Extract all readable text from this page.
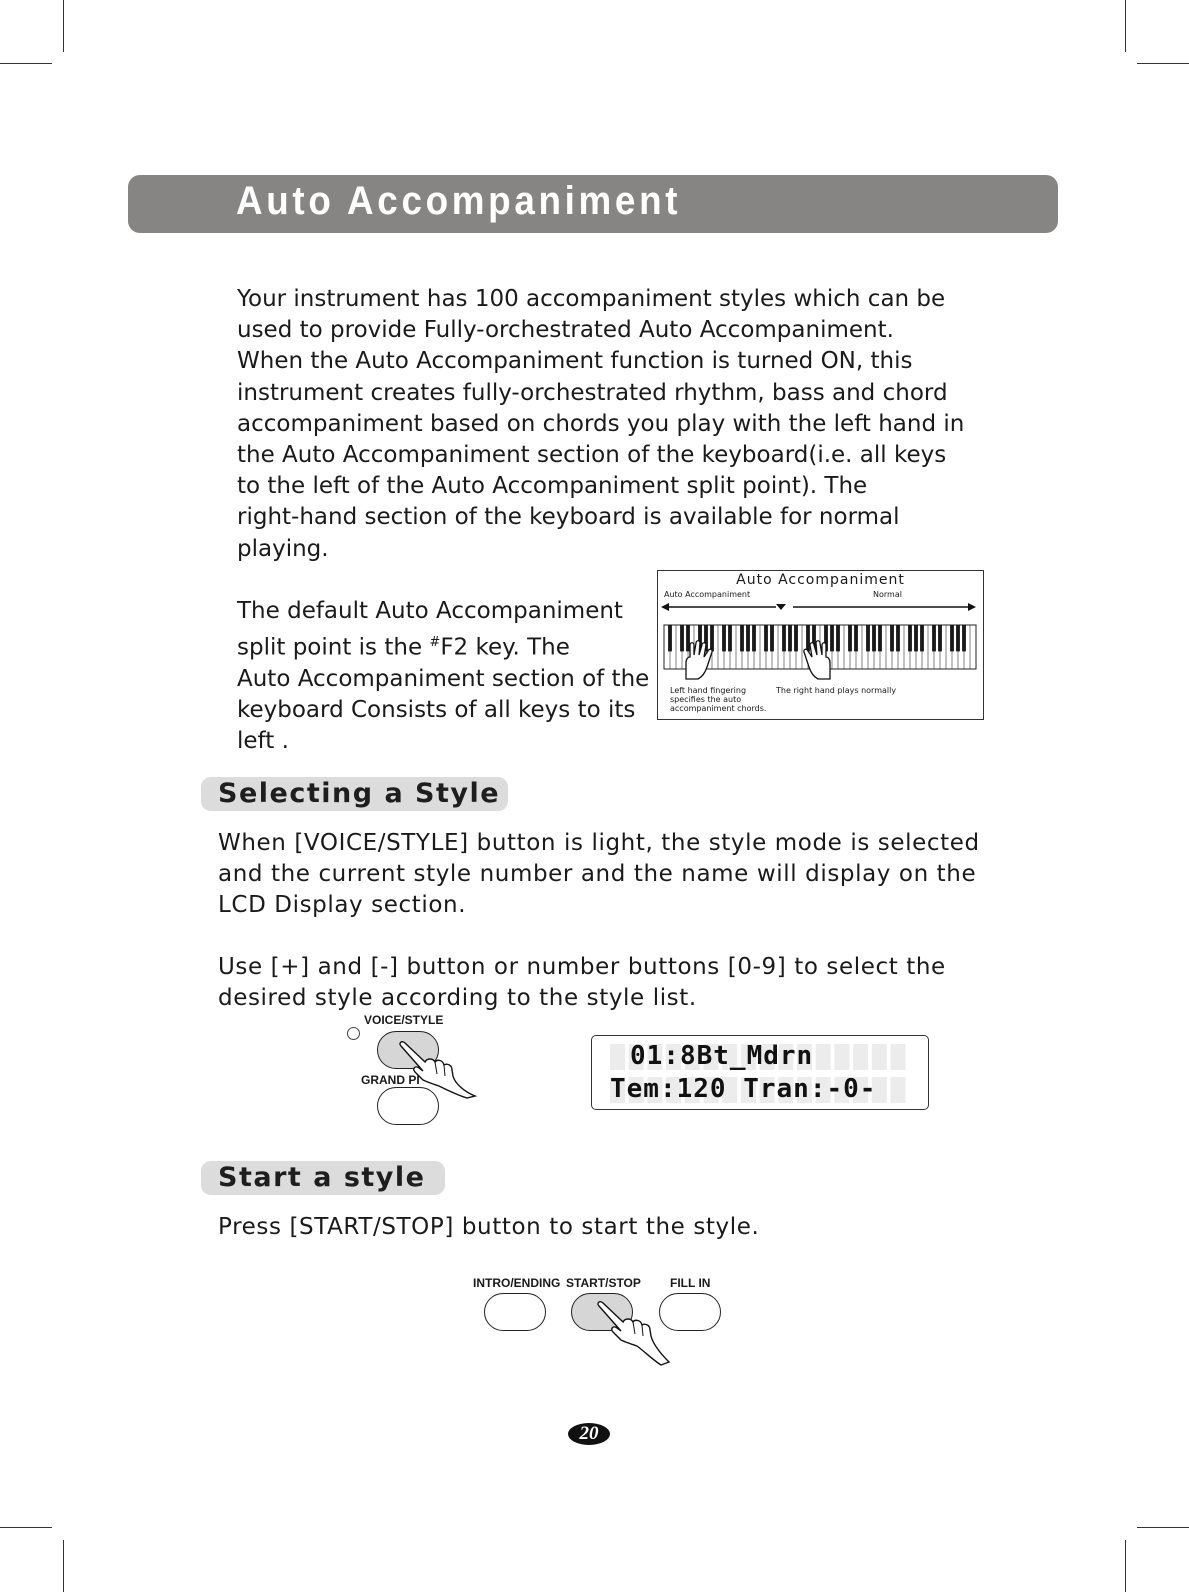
Auto Accompaniment
Your instrument has 100 accompaniment styles which can be
used to provide Fully-orchestrated Auto Accompaniment.
When the Auto Accompaniment function is turned ON, this
instrument creates fully-orchestrated rhythm, bass and chord
accompaniment based on chords you play with the left hand in
the Auto Accompaniment section of the keyboard(i.e. all keys
to the left of the Auto Accompaniment split point). The
right-hand section of the keyboard is available for normal
playing.
The default Auto Accompaniment
split point is the #F2 key. The
Auto Accompaniment section of the
keyboard Consists of all keys to its
left .
Auto Accompaniment
Auto Accompaniment	Normal
Left hand fingering
specifies the auto
accompaniment chords.
The right hand plays normally
Selecting a Style
When [VOICE/STYLE] button is light, the style mode is selected
and the current style number and the name will display on the
LCD Display section.
Use [+] and [-] button or number buttons [0-9] to select the
desired style according to the style list.
VOICE/STYLE
GRAND PI
01:8Bt_Mdrn
Tem:120 Tran:-0-
Start a style
Press [START/STOP] button to start the style.
INTRO/ENDING START/STOP FILL IN
20
